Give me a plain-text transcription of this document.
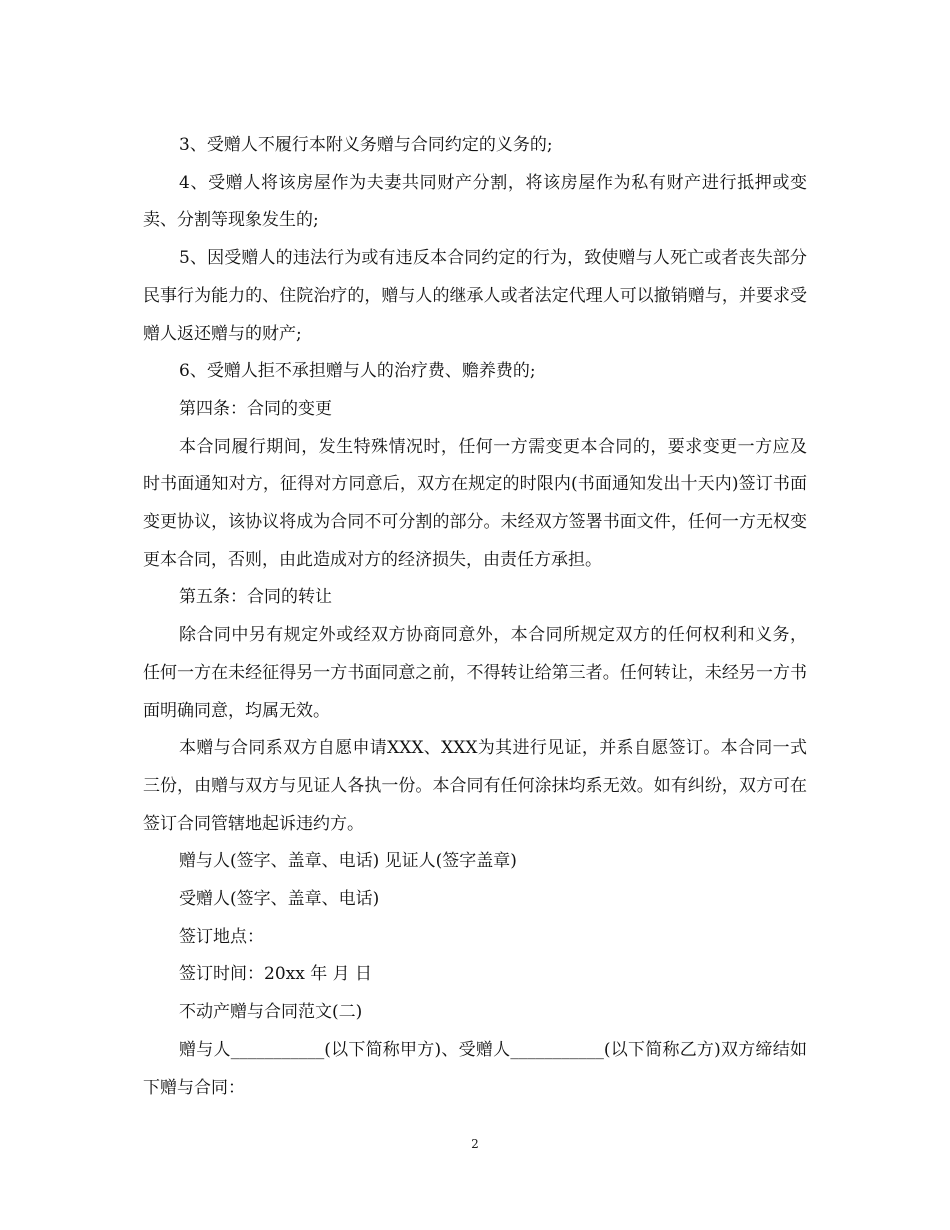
3、受赠人不履行本附义务赠与合同约定的义务的;

4、受赠人将该房屋作为夫妻共同财产分割，将该房屋作为私有财产进行抵押或变卖、分割等现象发生的;

5、因受赠人的违法行为或有违反本合同约定的行为，致使赠与人死亡或者丧失部分民事行为能力的、住院治疗的，赠与人的继承人或者法定代理人可以撤销赠与，并要求受赠人返还赠与的财产;

6、受赠人拒不承担赠与人的治疗费、赡养费的;

第四条：合同的变更

本合同履行期间，发生特殊情况时，任何一方需变更本合同的，要求变更一方应及时书面通知对方，征得对方同意后，双方在规定的时限内(书面通知发出十天内)签订书面变更协议，该协议将成为合同不可分割的部分。未经双方签署书面文件，任何一方无权变更本合同，否则，由此造成对方的经济损失，由责任方承担。

第五条：合同的转让

除合同中另有规定外或经双方协商同意外，本合同所规定双方的任何权利和义务，任何一方在未经征得另一方书面同意之前，不得转让给第三者。任何转让，未经另一方书面明确同意，均属无效。

本赠与合同系双方自愿申请XXX、XXX为其进行见证，并系自愿签订。本合同一式三份，由赠与双方与见证人各执一份。本合同有任何涂抹均系无效。如有纠纷，双方可在签订合同管辖地起诉违约方。

赠与人(签字、盖章、电话) 见证人(签字盖章)

受赠人(签字、盖章、电话)

签订地点：

签订时间：20xx 年 月 日

不动产赠与合同范文(二)

赠与人___________(以下简称甲方)、受赠人___________(以下简称乙方)双方缔结如下赠与合同：

2
